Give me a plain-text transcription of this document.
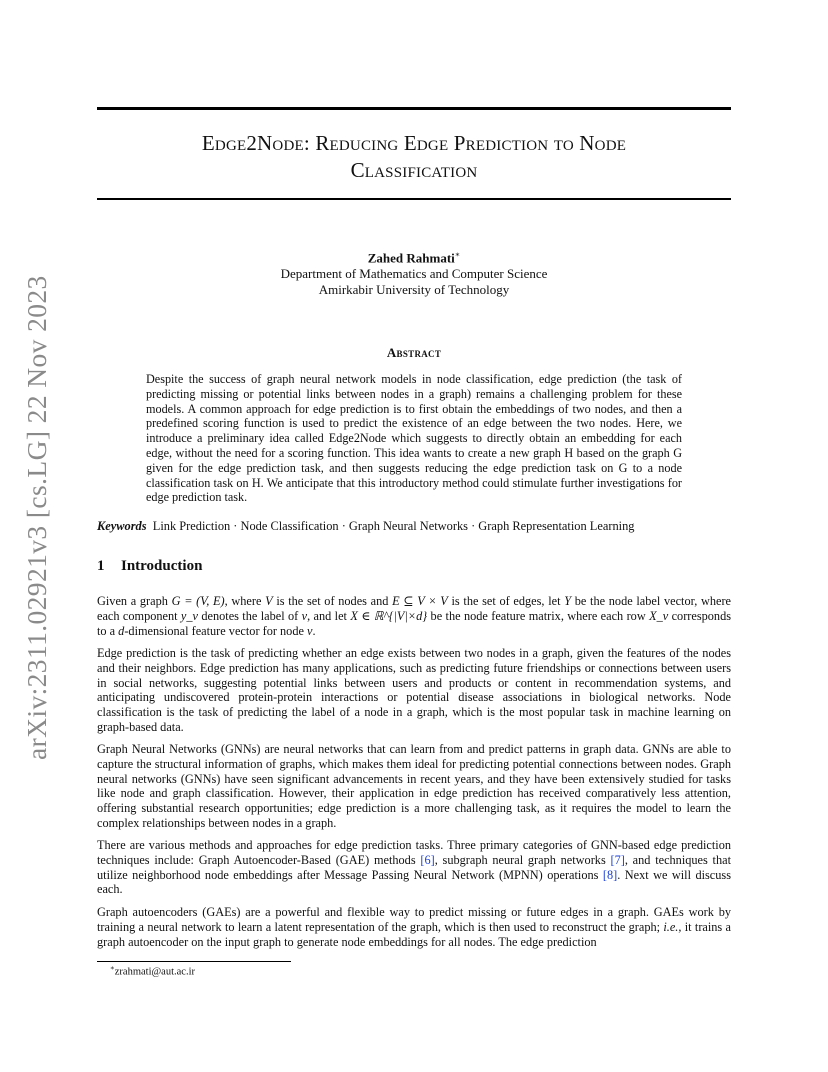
arXiv:2311.02921v3 [cs.LG] 22 Nov 2023
Edge2Node: Reducing Edge Prediction to Node
Classification
Zahed Rahmati∗
Department of Mathematics and Computer Science
Amirkabir University of Technology
Abstract
Despite the success of graph neural network models in node classification, edge prediction (the task of predicting missing or potential links between nodes in a graph) remains a challenging problem for these models. A common approach for edge prediction is to first obtain the embeddings of two nodes, and then a predefined scoring function is used to predict the existence of an edge between the two nodes. Here, we introduce a preliminary idea called Edge2Node which suggests to directly obtain an embedding for each edge, without the need for a scoring function. This idea wants to create a new graph H based on the graph G given for the edge prediction task, and then suggests reducing the edge prediction task on G to a node classification task on H. We anticipate that this introductory method could stimulate further investigations for edge prediction task.
Keywords Link Prediction · Node Classification · Graph Neural Networks · Graph Representation Learning
1 Introduction
Given a graph G = (V, E), where V is the set of nodes and E ⊆ V × V is the set of edges, let Y be the node label vector, where each component y_v denotes the label of v, and let X ∈ ℝ^{|V|×d} be the node feature matrix, where each row X_v corresponds to a d-dimensional feature vector for node v.
Edge prediction is the task of predicting whether an edge exists between two nodes in a graph, given the features of the nodes and their neighbors. Edge prediction has many applications, such as predicting future friendships or connections between users in social networks, suggesting potential links between users and products or content in recommendation systems, and anticipating undiscovered protein-protein interactions or potential disease associations in biological networks. Node classification is the task of predicting the label of a node in a graph, which is the most popular task in machine learning on graph-based data.
Graph Neural Networks (GNNs) are neural networks that can learn from and predict patterns in graph data. GNNs are able to capture the structural information of graphs, which makes them ideal for predicting potential connections between nodes. Graph neural networks (GNNs) have seen significant advancements in recent years, and they have been extensively studied for tasks like node and graph classification. However, their application in edge prediction has received comparatively less attention, offering substantial research opportunities; edge prediction is a more challenging task, as it requires the model to learn the complex relationships between nodes in a graph.
There are various methods and approaches for edge prediction tasks. Three primary categories of GNN-based edge prediction techniques include: Graph Autoencoder-Based (GAE) methods [6], subgraph neural graph networks [7], and techniques that utilize neighborhood node embeddings after Message Passing Neural Network (MPNN) operations [8]. Next we will discuss each.
Graph autoencoders (GAEs) are a powerful and flexible way to predict missing or future edges in a graph. GAEs work by training a neural network to learn a latent representation of the graph, which is then used to reconstruct the graph; i.e., it trains a graph autoencoder on the input graph to generate node embeddings for all nodes. The edge prediction
∗zrahmati@aut.ac.ir
